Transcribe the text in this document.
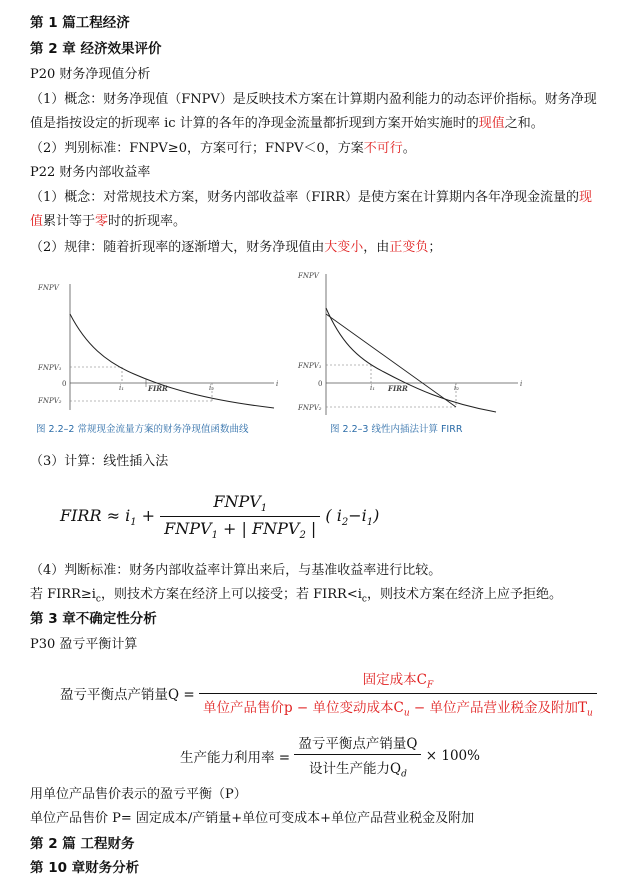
第 1 篇工程经济
第 2 章 经济效果评价
P20 财务净现值分析
（1）概念：财务净现值（FNPV）是反映技术方案在计算期内盈利能力的动态评价指标。财务净现
值是指按设定的折现率 ic 计算的各年的净现金流量都折现到方案开始实施时的现值之和。
（2）判别标准：FNPV≥0，方案可行；FNPV＜0，方案不可行。
P22 财务内部收益率
（1）概念：对常规技术方案，财务内部收益率（FIRR）是使方案在计算期内各年净现金流量的现
值累计等于零时的折现率。
（2）规律：随着折现率的逐渐增大，财务净现值由大变小，由正变负；
FNPV
FNPV₁
0
FNPV₂
i₁	i₂
FIRR	i
图 2.2–2 常规现金流量方案的财务净现值函数曲线
FNPV
FNPV₁
0
FNPV₂
i₁	i₂
FIRR	i
图 2.2–3 线性内插法计算 FIRR
（3）计算：线性插入法
FIRR ≈ $i_1 + \frac{FNPV_1}{FNPV_1 + | FNPV_2 |}$ ( $i_2-i_1$)
（4）判断标准：财务内部收益率计算出来后，与基准收益率进行比较。
若 $FIRR\ge i_c$，则技术方案在经济上可以接受；若 $FIRR<i_c$，则技术方案在经济上应予拒绝。
第 3 章不确定性分析
P30 盈亏平衡计算
盈亏平衡点产销量$Q = \frac{固定成本C_F}{单位产品售价p - 单位变动成本C_u - 单位产品营业税金及附加T_u}$
生产能力利用率 = $\frac{\text{盈亏平衡点产销量Q}}{设计生产能力Q_d} \times 100\%$
用单位产品售价表示的盈亏平衡（P）
单位产品售价 P= 固定成本/产销量+单位可变成本+单位产品营业税金及附加
第 2 篇 工程财务
第 10 章财务分析
